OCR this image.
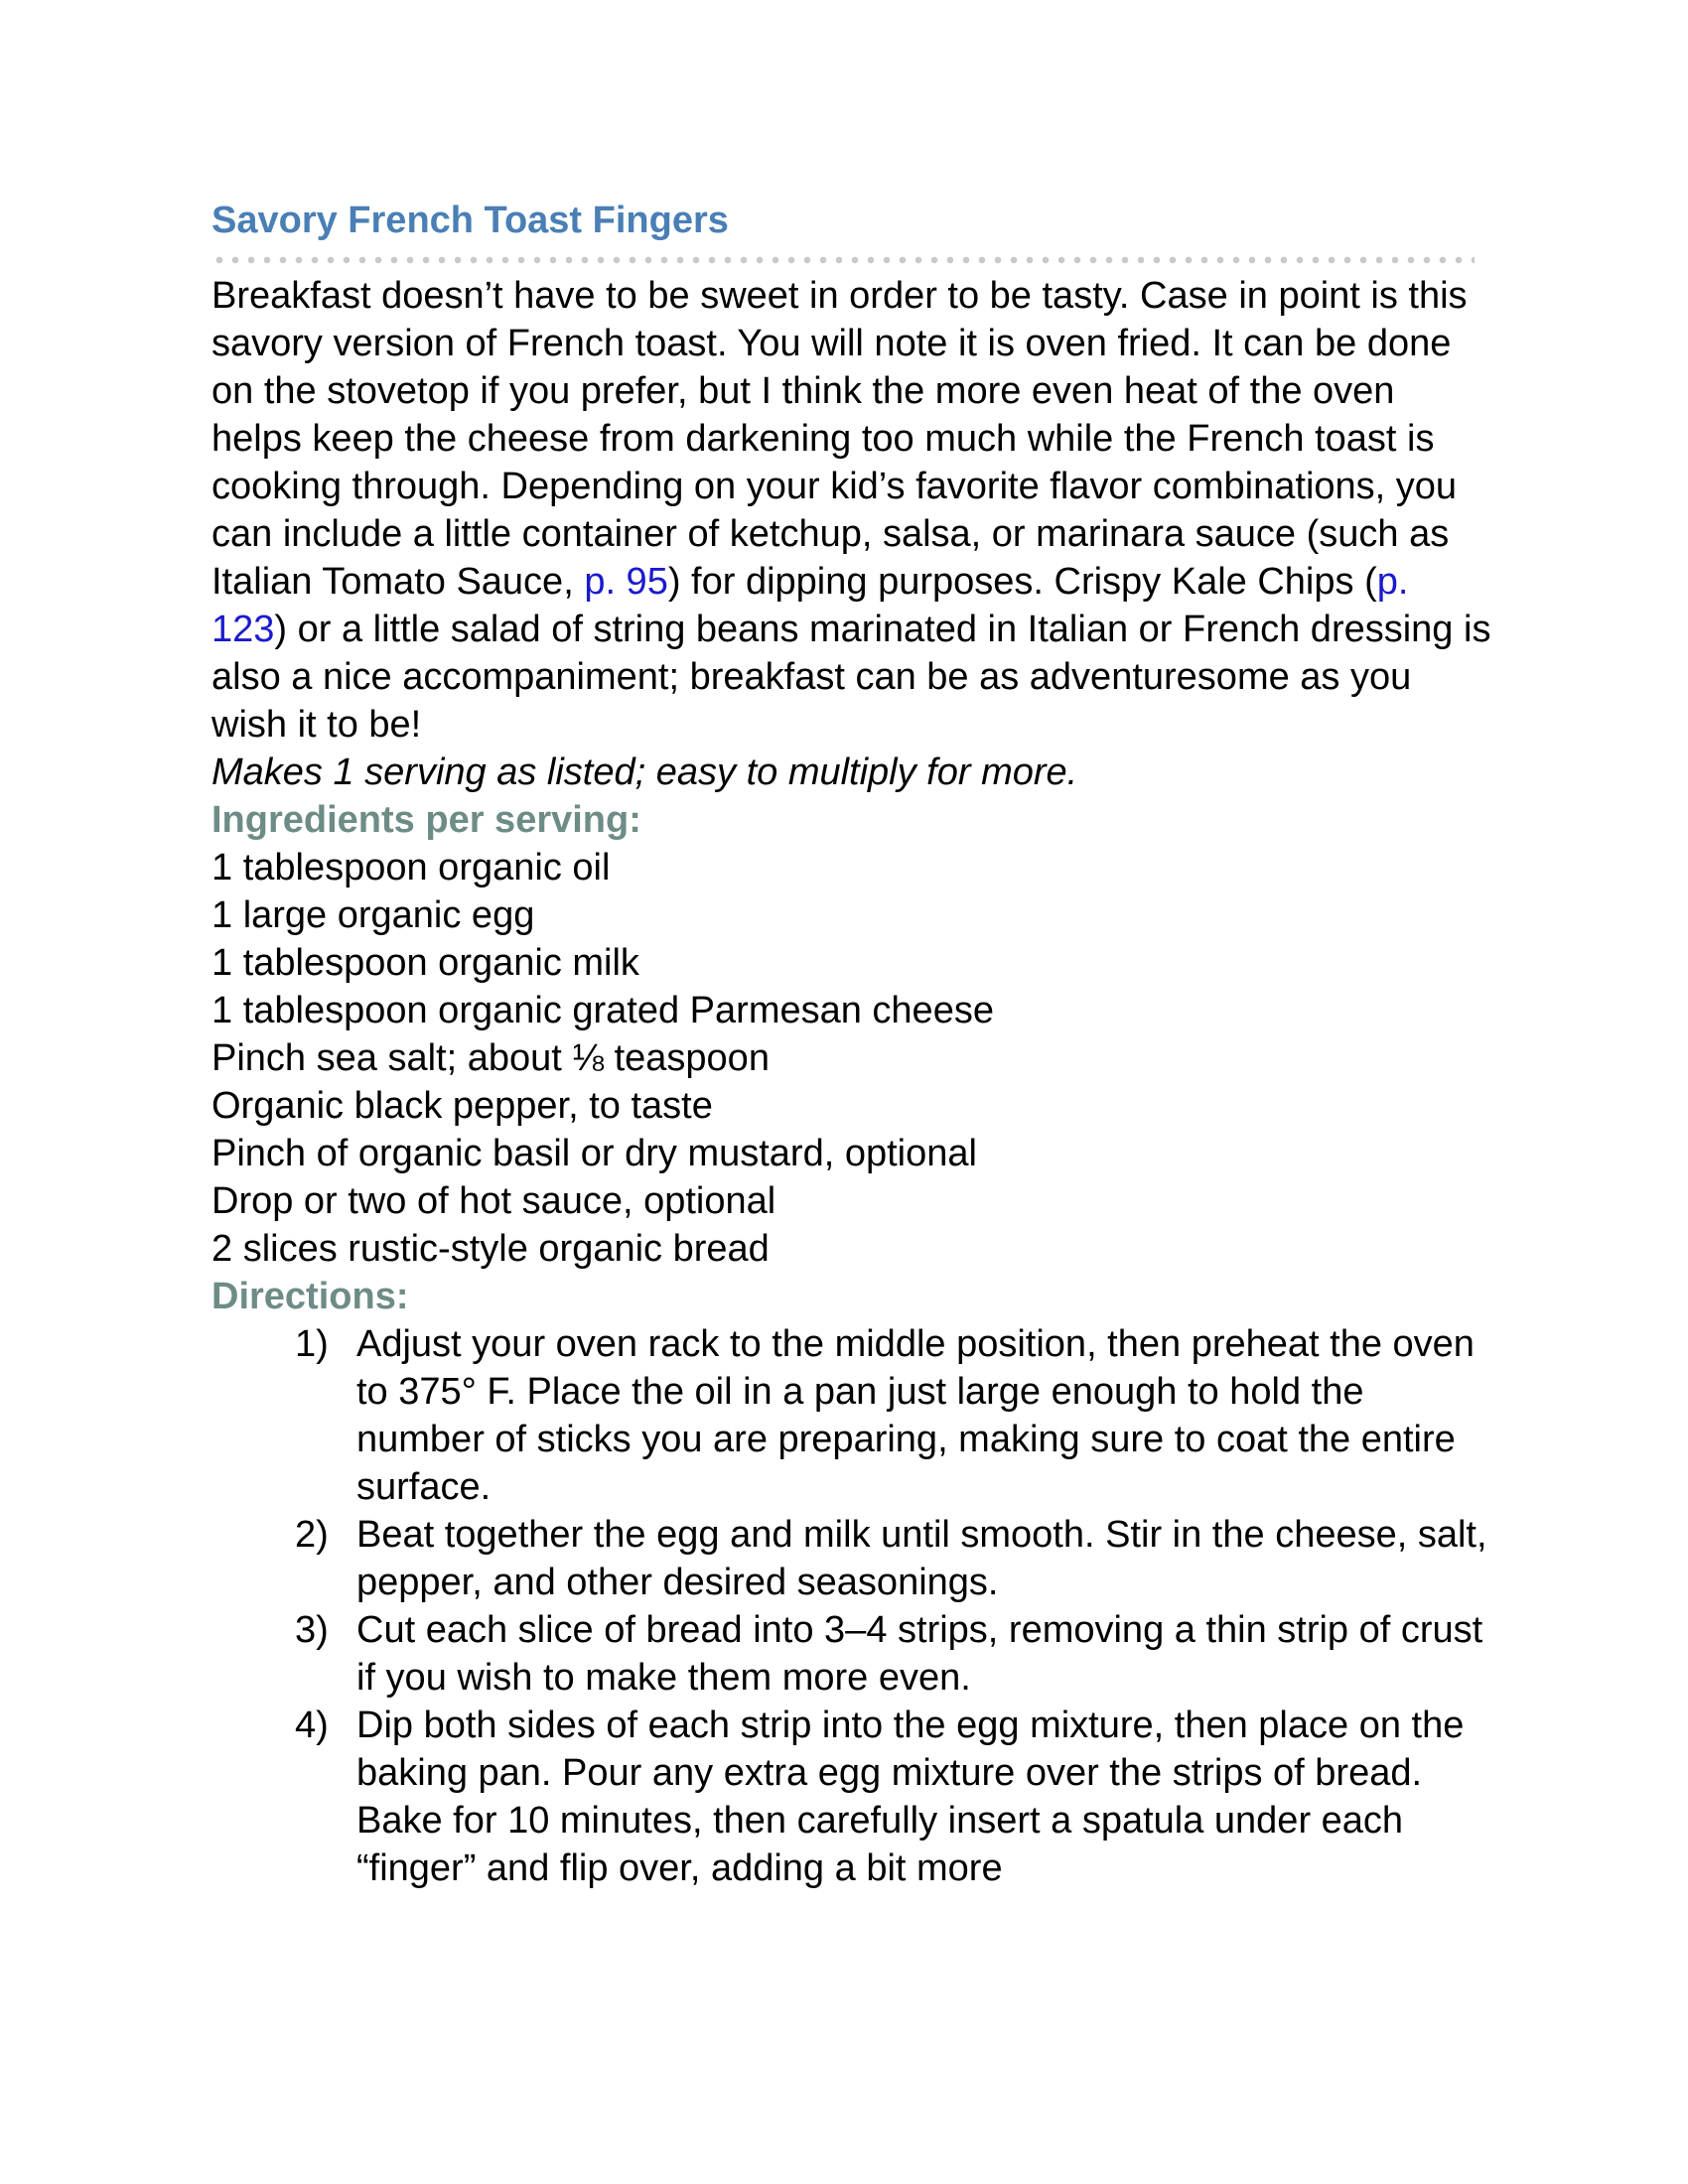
Savory French Toast Fingers

Breakfast doesn’t have to be sweet in order to be tasty. Case in point is this savory version of French toast. You will note it is oven fried. It can be done on the stovetop if you prefer, but I think the more even heat of the oven helps keep the cheese from darkening too much while the French toast is cooking through. Depending on your kid’s favorite flavor combinations, you can include a little container of ketchup, salsa, or marinara sauce (such as Italian Tomato Sauce, p. 95) for dipping purposes. Crispy Kale Chips (p. 123) or a little salad of string beans marinated in Italian or French dressing is also a nice accompaniment; breakfast can be as adventuresome as you wish it to be!

Makes 1 serving as listed; easy to multiply for more.

Ingredients per serving:
1 tablespoon organic oil
1 large organic egg
1 tablespoon organic milk
1 tablespoon organic grated Parmesan cheese
Pinch sea salt; about ⅛ teaspoon
Organic black pepper, to taste
Pinch of organic basil or dry mustard, optional
Drop or two of hot sauce, optional
2 slices rustic-style organic bread
Directions:
1) Adjust your oven rack to the middle position, then preheat the oven to 375° F. Place the oil in a pan just large enough to hold the number of sticks you are preparing, making sure to coat the entire surface.
2) Beat together the egg and milk until smooth. Stir in the cheese, salt, pepper, and other desired seasonings.
3) Cut each slice of bread into 3–4 strips, removing a thin strip of crust if you wish to make them more even.
4) Dip both sides of each strip into the egg mixture, then place on the baking pan. Pour any extra egg mixture over the strips of bread. Bake for 10 minutes, then carefully insert a spatula under each “finger” and flip over, adding a bit more
